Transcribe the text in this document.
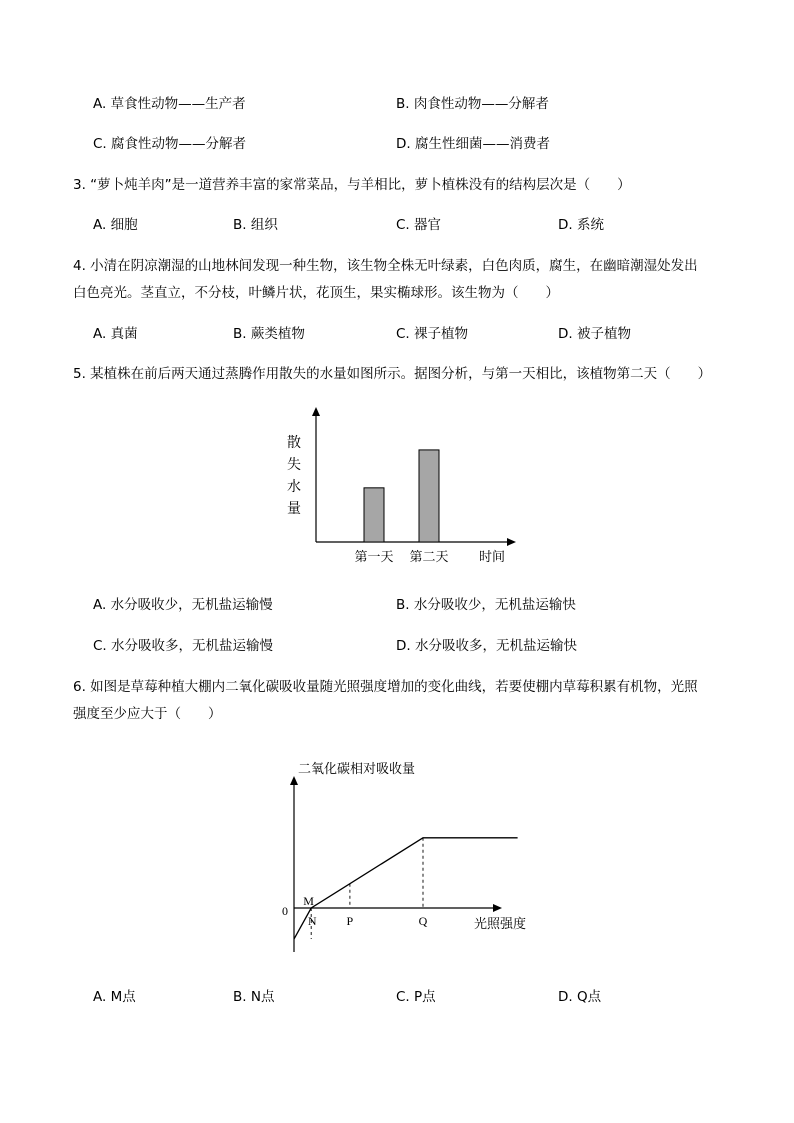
A. 草食性动物——生产者	B. 肉食性动物——分解者
C. 腐食性动物——分解者	D. 腐生性细菌——消费者
3. “萝卜炖羊肉”是一道营养丰富的家常菜品，与羊相比，萝卜植株没有的结构层次是（　　）
A. 细胞	B. 组织	C. 器官	D. 系统
4. 小清在阴凉潮湿的山地林间发现一种生物，该生物全株无叶绿素，白色肉质，腐生，在幽暗潮湿处发出
白色亮光。茎直立，不分枝，叶鳞片状，花顶生，果实椭球形。该生物为（　　）
A. 真菌	B. 蕨类植物	C. 裸子植物	D. 被子植物
5. 某植株在前后两天通过蒸腾作用散失的水量如图所示。据图分析，与第一天相比，该植物第二天（　　）
散
失
水
量
第一天 第二天 时间
A. 水分吸收少，无机盐运输慢	B. 水分吸收少，无机盐运输快
C. 水分吸收多，无机盐运输慢	D. 水分吸收多，无机盐运输快
6. 如图是草莓种植大棚内二氧化碳吸收量随光照强度增加的变化曲线，若要使棚内草莓积累有机物，光照
强度至少应大于（　　）
二氧化碳相对吸收量
0
光照强度
M
N	P	Q
A. M点	B. N点	C. P点	D. Q点
